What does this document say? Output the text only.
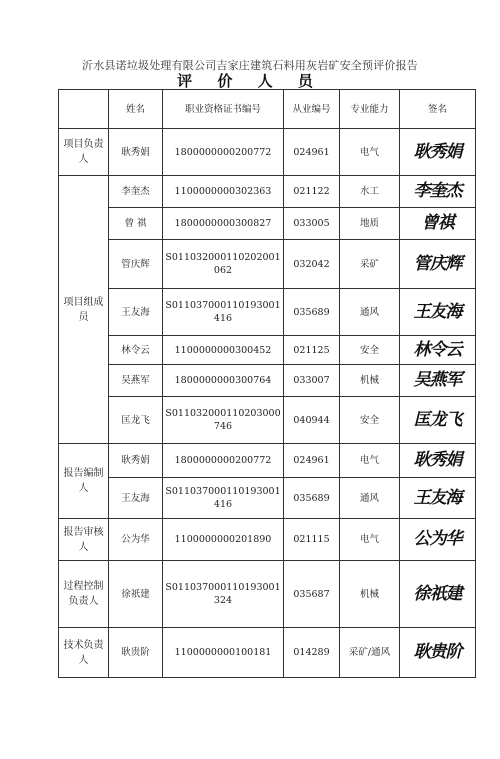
沂水县诺垃圾处理有限公司吉家庄建筑石料用灰岩矿安全预评价报告
评 价 人 员
	姓名	职业资格证书编号	从业编号	专业能力	签名
项目负责人	耿秀娟	1800000000200772	024961	电气	耿秀娟
项目组成员	李奎杰	1100000000302363	021122	水工	李奎杰
	曾 祺	1800000000300827	033005	地质	曾祺
	管庆辉	S011032000110202001062	032042	采矿	管庆辉
	王友海	S011037000110193001416	035689	通风	王友海
	林令云	1100000000300452	021125	安全	林令云
	吴燕军	1800000000300764	033007	机械	吴燕军
	匡龙飞	S011032000110203000746	040944	安全	匡龙飞
报告编制人	耿秀娟	1800000000200772	024961	电气	耿秀娟
	王友海	S011037000110193001416	035689	通风	王友海
报告审核人	公为华	1100000000201890	021115	电气	公为华
过程控制负责人	徐祇建	S011037000110193001324	035687	机械	徐祇建
技术负责人	耿贵阶	1100000000100181	014289	采矿/通风	耿贵阶
